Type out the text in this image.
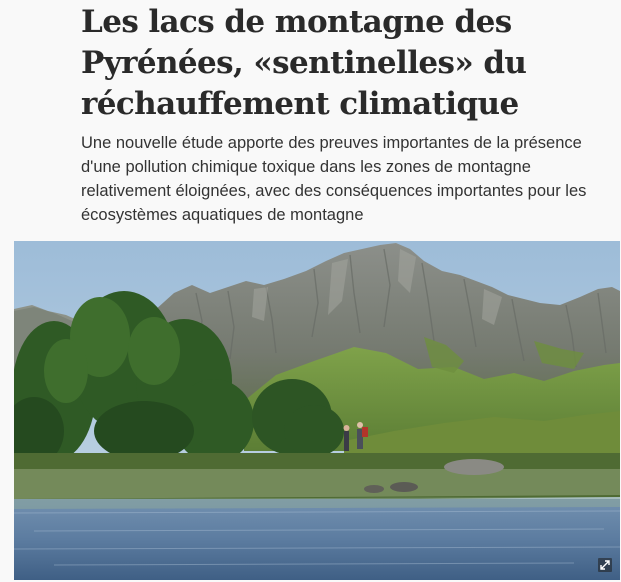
Les lacs de montagne des Pyrénées, «sentinelles» du réchauffement climatique

Une nouvelle étude apporte des preuves importantes de la présence d'une pollution chimique toxique dans les zones de montagne relativement éloignées, avec des conséquences importantes pour les écosystèmes aquatiques de montagne
